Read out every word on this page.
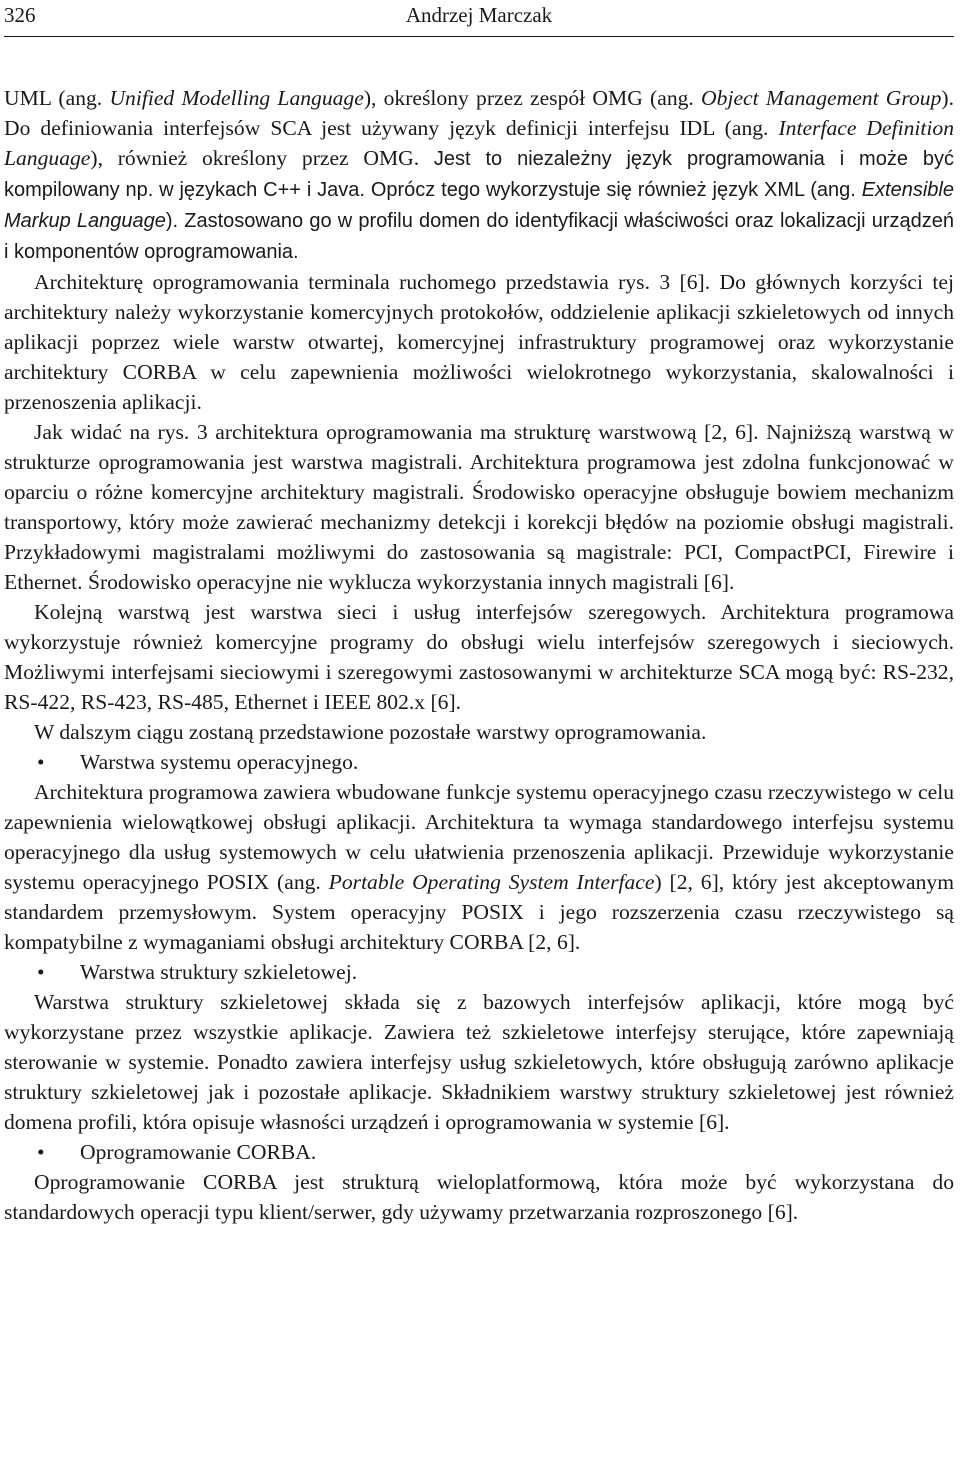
326	Andrzej Marczak

UML (ang. Unified Modelling Language), określony przez zespół OMG (ang. Object Management Group). Do definiowania interfejsów SCA jest używany język definicji interfejsu IDL (ang. Interface Definition Language), również określony przez OMG. Jest to niezależny język programowania i może być kompilowany np. w językach C++ i Java. Oprócz tego wykorzystuje się również język XML (ang. Extensible Markup Language). Zastosowano go w profilu domen do identyfikacji właściwości oraz lokalizacji urządzeń i komponentów oprogramowania.

Architekturę oprogramowania terminala ruchomego przedstawia rys. 3 [6]. Do głównych korzyści tej architektury należy wykorzystanie komercyjnych protokołów, oddzielenie aplikacji szkieletowych od innych aplikacji poprzez wiele warstw otwartej, komercyjnej infrastruktury programowej oraz wykorzystanie architektury CORBA w celu zapewnienia możliwości wielokrotnego wykorzystania, skalowalności i przenoszenia aplikacji.

Jak widać na rys. 3 architektura oprogramowania ma strukturę warstwową [2, 6]. Najniższą warstwą w strukturze oprogramowania jest warstwa magistrali. Architektura programowa jest zdolna funkcjonować w oparciu o różne komercyjne architektury magistrali. Środowisko operacyjne obsługuje bowiem mechanizm transportowy, który może zawierać mechanizmy detekcji i korekcji błędów na poziomie obsługi magistrali. Przykładowymi magistralami możliwymi do zastosowania są magistrale: PCI, CompactPCI, Firewire i Ethernet. Środowisko operacyjne nie wyklucza wykorzystania innych magistrali [6].

Kolejną warstwą jest warstwa sieci i usług interfejsów szeregowych. Architektura programowa wykorzystuje również komercyjne programy do obsługi wielu interfejsów szeregowych i sieciowych. Możliwymi interfejsami sieciowymi i szeregowymi zastosowanymi w architekturze SCA mogą być: RS-232, RS-422, RS-423, RS-485, Ethernet i IEEE 802.x [6].

W dalszym ciągu zostaną przedstawione pozostałe warstwy oprogramowania.

• Warstwa systemu operacyjnego.

Architektura programowa zawiera wbudowane funkcje systemu operacyjnego czasu rzeczywistego w celu zapewnienia wielowątkowej obsługi aplikacji. Architektura ta wymaga standardowego interfejsu systemu operacyjnego dla usług systemowych w celu ułatwienia przenoszenia aplikacji. Przewiduje wykorzystanie systemu operacyjnego POSIX (ang. Portable Operating System Interface) [2, 6], który jest akceptowanym standardem przemysłowym. System operacyjny POSIX i jego rozszerzenia czasu rzeczywistego są kompatybilne z wymaganiami obsługi architektury CORBA [2, 6].

• Warstwa struktury szkieletowej.

Warstwa struktury szkieletowej składa się z bazowych interfejsów aplikacji, które mogą być wykorzystane przez wszystkie aplikacje. Zawiera też szkieletowe interfejsy sterujące, które zapewniają sterowanie w systemie. Ponadto zawiera interfejsy usług szkieletowych, które obsługują zarówno aplikacje struktury szkieletowej jak i pozostałe aplikacje. Składnikiem warstwy struktury szkieletowej jest również domena profili, która opisuje własności urządzeń i oprogramowania w systemie [6].

• Oprogramowanie CORBA.

Oprogramowanie CORBA jest strukturą wieloplatformową, która może być wykorzystana do standardowych operacji typu klient/serwer, gdy używamy przetwarzania rozproszonego [6].
